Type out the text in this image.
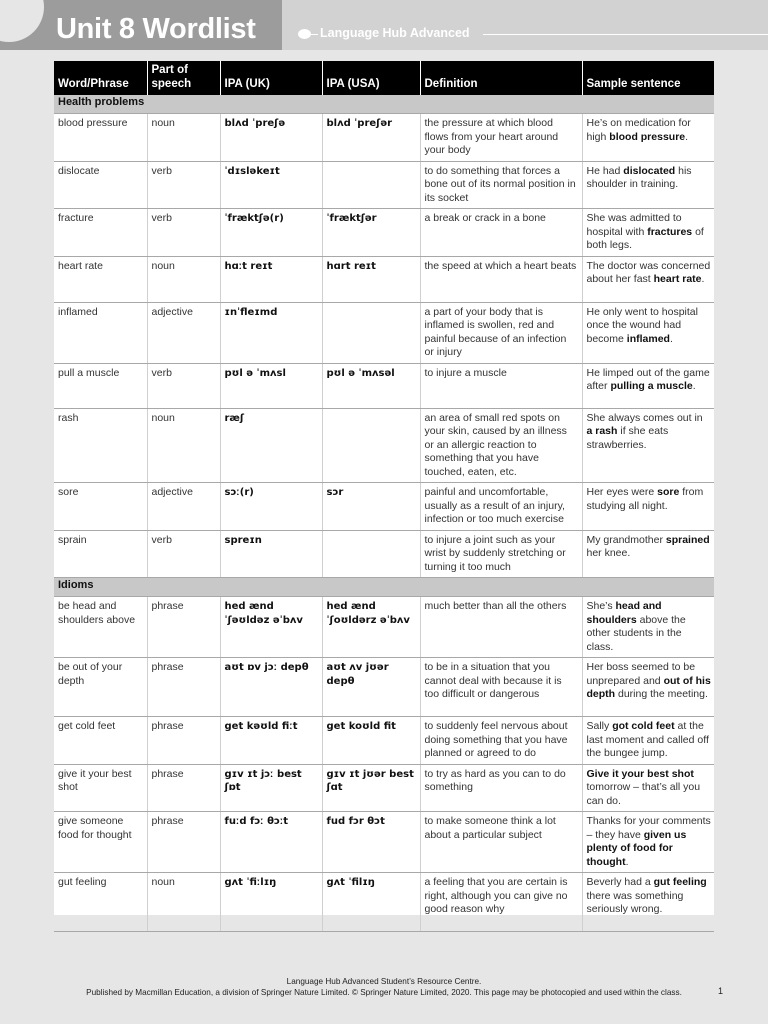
Unit 8 Wordlist	Language Hub Advanced
Word/Phrase	Part of speech	IPA (UK)	IPA (USA)	Definition	Sample sentence
Health problems					
blood pressure	noun	blʌd ˈpreʃə	blʌd ˈpreʃər	the pressure at which blood flows from your heart around your body	He’s on medication for high blood pressure.
dislocate	verb	ˈdɪsləkeɪt		to do something that forces a bone out of its normal position in its socket	He had dislocated his shoulder in training.
fracture	verb	ˈfræktʃə(r)	ˈfræktʃər	a break or crack in a bone	She was admitted to hospital with fractures of both legs.
heart rate	noun	hɑːt reɪt	hɑrt reɪt	the speed at which a heart beats	The doctor was concerned about her fast heart rate.
inflamed	adjective	ɪnˈfleɪmd		a part of your body that is inflamed is swollen, red and painful because of an infection or injury	He only went to hospital once the wound had become inflamed.
pull a muscle	verb	pʊl ə ˈmʌsl	pʊl ə ˈmʌsəl	to injure a muscle	He limped out of the game after pulling a muscle.
rash	noun	ræʃ		an area of small red spots on your skin, caused by an illness or an allergic reaction to something that you have touched, eaten, etc.	She always comes out in a rash if she eats strawberries.
sore	adjective	sɔː(r)	sɔr	painful and uncomfortable, usually as a result of an injury, infection or too much exercise	Her eyes were sore from studying all night.
sprain	verb	spreɪn		to injure a joint such as your wrist by suddenly stretching or turning it too much	My grandmother sprained her knee.
Idioms					
be head and shoulders above	phrase	hed ænd ˈʃəʊldəz əˈbʌv	hed ænd ˈʃoʊldərz əˈbʌv	much better than all the others	She’s head and shoulders above the other students in the class.
be out of your depth	phrase	aʊt ɒv jɔː depθ	aʊt ʌv jʊər depθ	to be in a situation that you cannot deal with because it is too difficult or dangerous	Her boss seemed to be unprepared and out of his depth during the meeting.
get cold feet	phrase	get kəʊld fiːt	get koʊld fit	to suddenly feel nervous about doing something that you have planned or agreed to do	Sally got cold feet at the last moment and called off the bungee jump.
give it your best shot	phrase	gɪv ɪt jɔː best ʃɒt	gɪv ɪt jʊər best ʃɑt	to try as hard as you can to do something	Give it your best shot tomorrow – that’s all you can do.
give someone food for thought	phrase	fuːd fɔː θɔːt	fud fɔr θɔt	to make someone think a lot about a particular subject	Thanks for your comments – they have given us plenty of food for thought.
gut feeling	noun	gʌt ˈfiːlɪŋ	gʌt ˈfilɪŋ	a feeling that you are certain is right, although you can give no good reason why	Beverly had a gut feeling there was something seriously wrong.
Language Hub Advanced Student’s Resource Centre.
Published by Macmillan Education, a division of Springer Nature Limited. © Springer Nature Limited, 2020. This page may be photocopied and used within the class.	1
